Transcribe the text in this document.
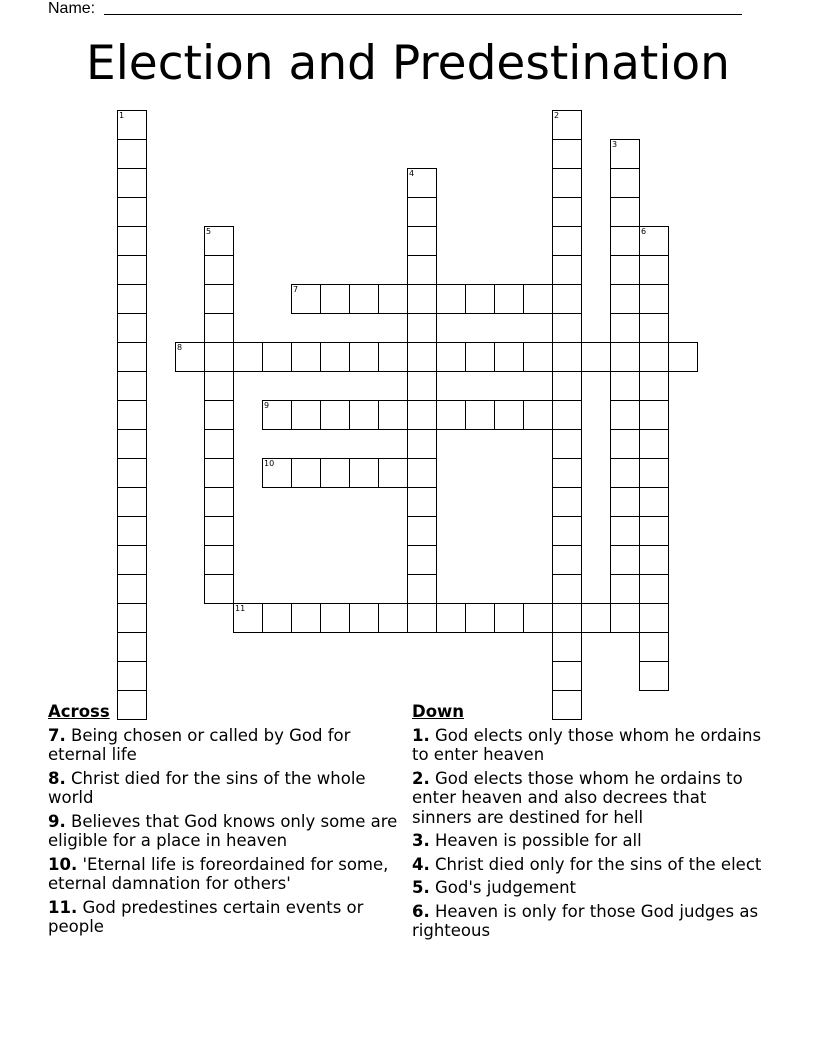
Name:
Election and Predestination
1	2
3
4
5	6
7
8
9
10
11
Across
7. Being chosen or called by God for eternal life
8. Christ died for the sins of the whole world
9. Believes that God knows only some are eligible for a place in heaven
10. 'Eternal life is foreordained for some, eternal damnation for others'
11. God predestines certain events or people
Down
1. God elects only those whom he ordains to enter heaven
2. God elects those whom he ordains to enter heaven and also decrees that sinners are destined for hell
3. Heaven is possible for all
4. Christ died only for the sins of the elect
5. God's judgement
6. Heaven is only for those God judges as righteous
